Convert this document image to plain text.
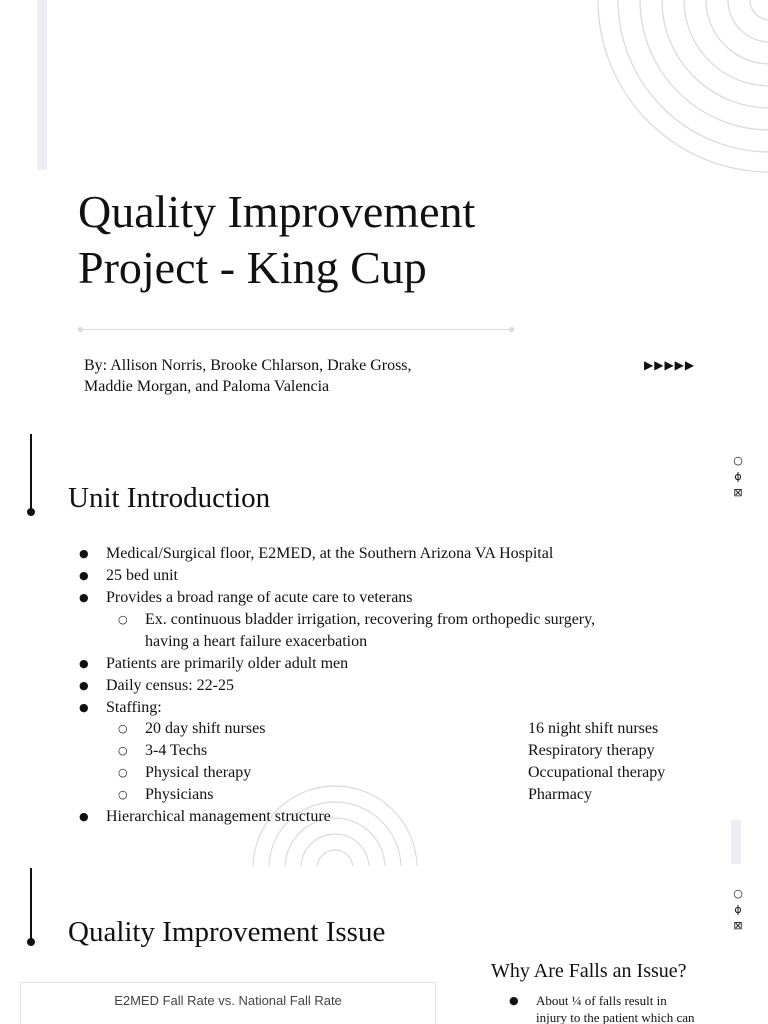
Quality Improvement
Project - King Cup
By: Allison Norris, Brooke Chlarson, Drake Gross,
Maddie Morgan, and Paloma Valencia
▶▶▶▶▶
○
ɸ
⊠
Unit Introduction
● Medical/Surgical floor, E2MED, at the Southern Arizona VA Hospital
● 25 bed unit
● Provides a broad range of acute care to veterans
○ Ex. continuous bladder irrigation, recovering from orthopedic surgery,
having a heart failure exacerbation
● Patients are primarily older adult men
● Daily census: 22-25
● Staffing:
○ 20 day shift nurses
○ 3-4 Techs
○ Physical therapy
○ Physicians
16 night shift nurses
Respiratory therapy
Occupational therapy
Pharmacy
● Hierarchical management structure
○
ɸ
⊠
Quality Improvement Issue
E2MED Fall Rate vs. National Fall Rate
Why Are Falls an Issue?
● About ¼ of falls result in
injury to the patient which can
